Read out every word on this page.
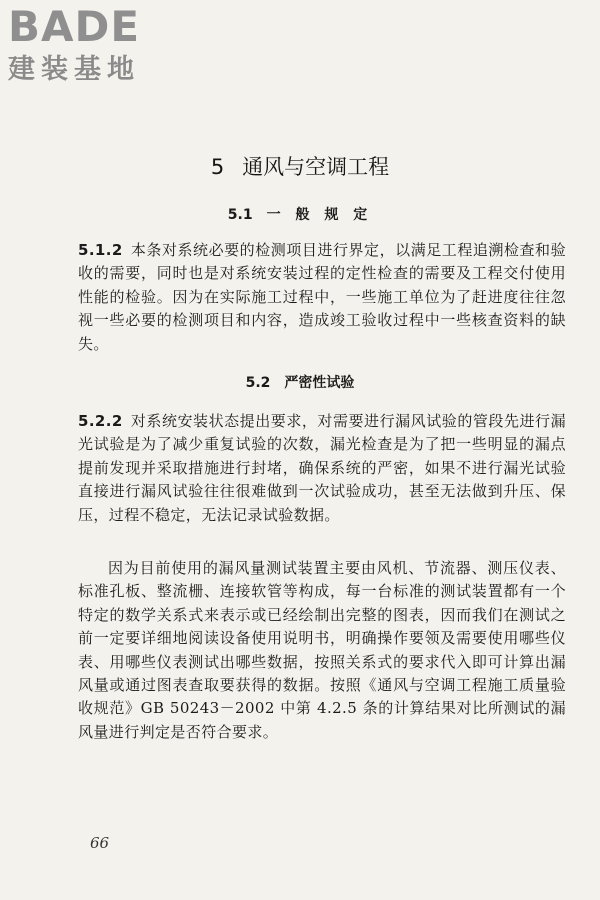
BADE
建装基地
5 通风与空调工程
5.1 一 般 规 定

5.1.2 本条对系统必要的检测项目进行界定，以满足工程追溯检查和验收的需要，同时也是对系统安装过程的定性检查的需要及工程交付使用性能的检验。因为在实际施工过程中，一些施工单位为了赶进度往往忽视一些必要的检测项目和内容，造成竣工验收过程中一些核查资料的缺失。

5.2 严密性试验

5.2.2 对系统安装状态提出要求，对需要进行漏风试验的管段先进行漏光试验是为了减少重复试验的次数，漏光检查是为了把一些明显的漏点提前发现并采取措施进行封堵，确保系统的严密，如果不进行漏光试验直接进行漏风试验往往很难做到一次试验成功，甚至无法做到升压、保压，过程不稳定，无法记录试验数据。

因为目前使用的漏风量测试装置主要由风机、节流器、测压仪表、标准孔板、整流栅、连接软管等构成，每一台标准的测试装置都有一个特定的数学关系式来表示或已经绘制出完整的图表，因而我们在测试之前一定要详细地阅读设备使用说明书，明确操作要领及需要使用哪些仪表、用哪些仪表测试出哪些数据，按照关系式的要求代入即可计算出漏风量或通过图表查取要获得的数据。按照《通风与空调工程施工质量验收规范》GB 50243－2002 中第 4.2.5 条的计算结果对比所测试的漏风量进行判定是否符合要求。

66
